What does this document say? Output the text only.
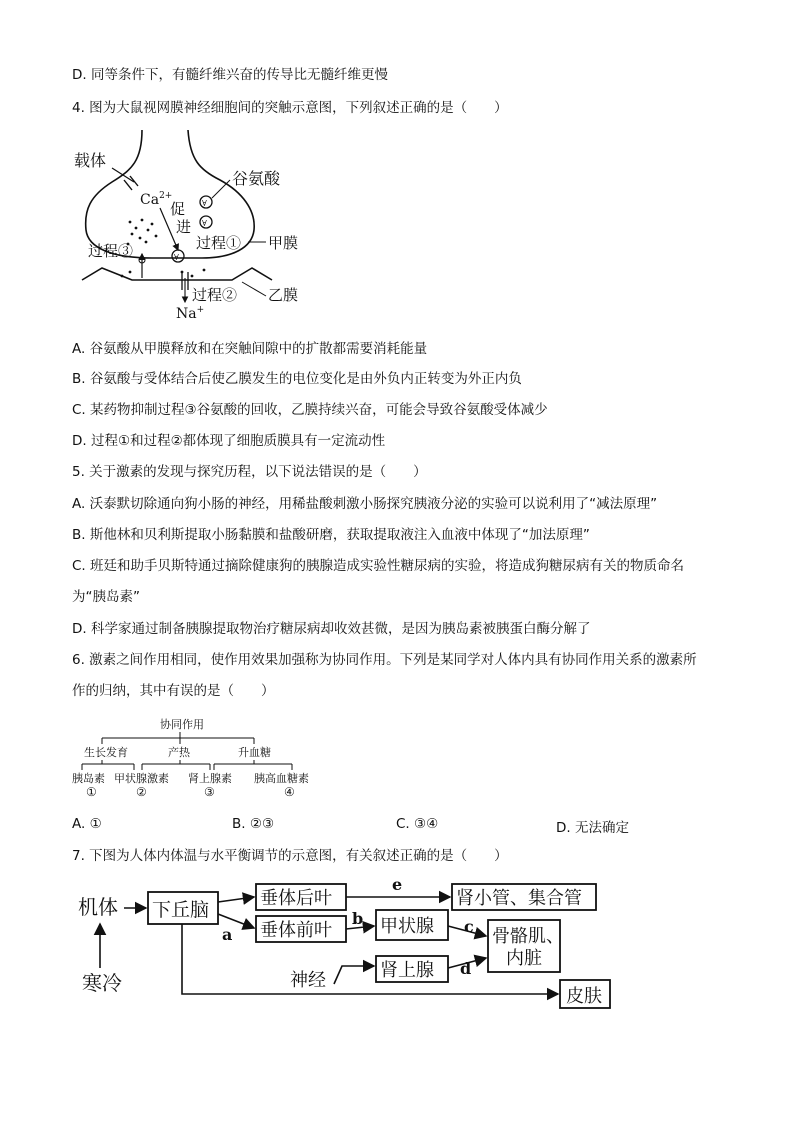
D. 同等条件下，有髓纤维兴奋的传导比无髓纤维更慢
4. 图为大鼠视网膜神经细胞间的突触示意图，下列叙述正确的是（　　）
载体
$Ca^{2+}$
促
进
∀
∀
∀
谷氨酸
过程③	过程① 甲膜
乙膜
过程②
Na+
A. 谷氨酸从甲膜释放和在突触间隙中的扩散都需要消耗能量
B. 谷氨酸与受体结合后使乙膜发生的电位变化是由外负内正转变为外正内负
C. 某药物抑制过程③谷氨酸的回收，乙膜持续兴奋，可能会导致谷氨酸受体减少
D. 过程①和过程②都体现了细胞质膜具有一定流动性
5. 关于激素的发现与探究历程，以下说法错误的是（　　）
A. 沃泰默切除通向狗小肠的神经，用稀盐酸刺激小肠探究胰液分泌的实验可以说利用了“减法原理”
B. 斯他林和贝利斯提取小肠黏膜和盐酸研磨，获取提取液注入血液中体现了“加法原理”
C. 班廷和助手贝斯特通过摘除健康狗的胰腺造成实验性糖尿病的实验，将造成狗糖尿病有关的物质命名
为“胰岛素”
D. 科学家通过制备胰腺提取物治疗糖尿病却收效甚微，是因为胰岛素被胰蛋白酶分解了
6. 激素之间作用相同，使作用效果加强称为协同作用。下列是某同学对人体内具有协同作用关系的激素所
作的归纳，其中有误的是（　　）
协同作用
生长发育	产热	升血糖
胰岛素 甲状腺激素 肾上腺素 胰高血糖素
①	②	③	④
A. ①	B. ②③	C. ③④	D. 无法确定
7. 下图为人体内体温与水平衡调节的示意图，有关叙述正确的是（　　）
机体
寒冷
下丘脑
垂体后叶
垂体前叶
肾小管、集合管
甲状腺	骨骼肌、
内脏
肾上腺
神经
皮肤
a
b	c
d
e
